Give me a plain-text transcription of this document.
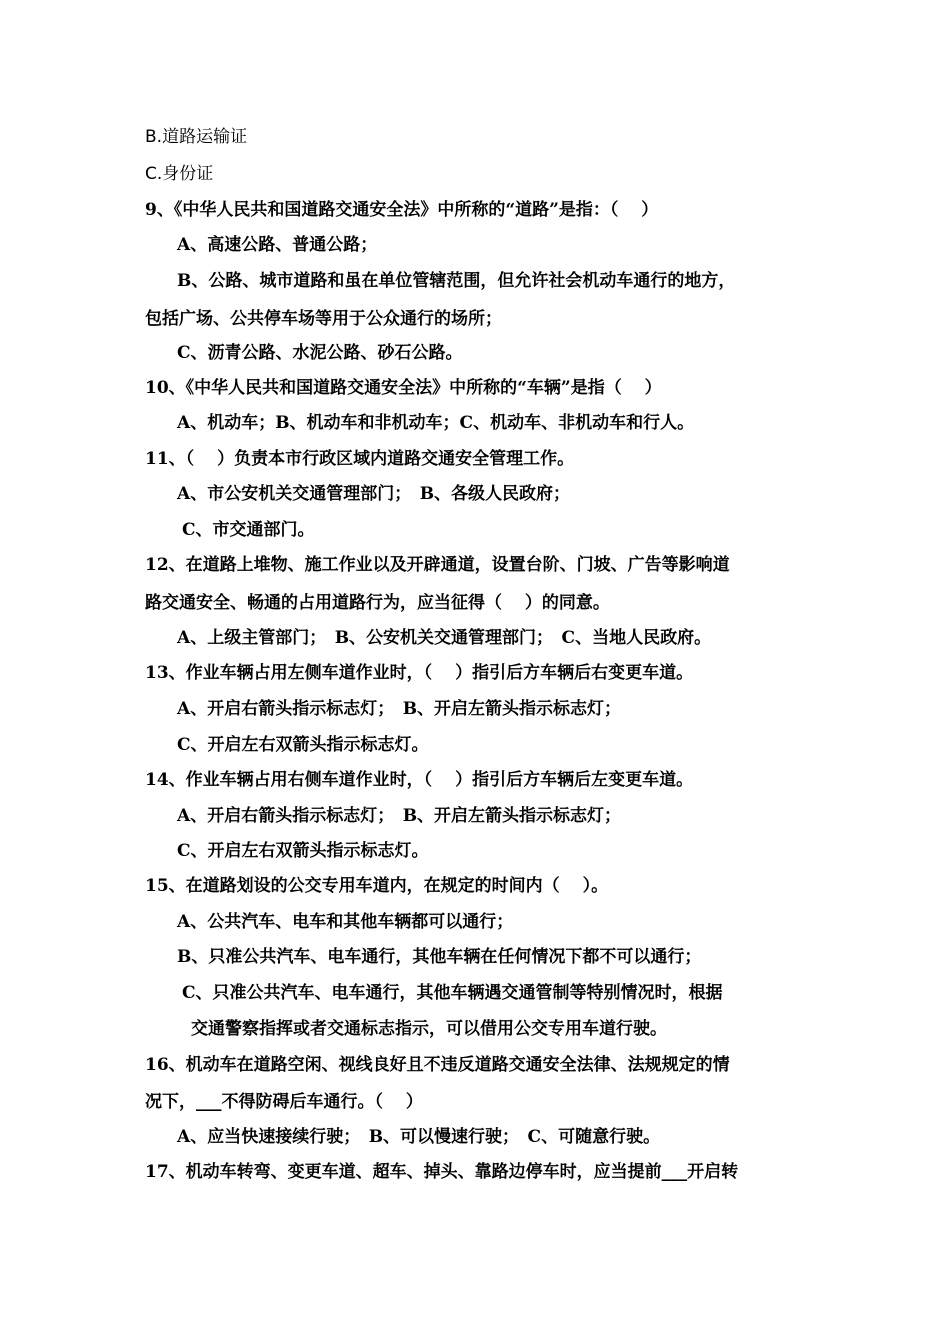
B.道路运输证
C.身份证
9、《中华人民共和国道路交通安全法》中所称的“道路”是指：（　 ）
A、高速公路、普通公路；
B、公路、城市道路和虽在单位管辖范围，但允许社会机动车通行的地方，
包括广场、公共停车场等用于公众通行的场所；
C、沥青公路、水泥公路、砂石公路。
10、《中华人民共和国道路交通安全法》中所称的“车辆”是指（　 ）
A、机动车；B、机动车和非机动车；C、机动车、非机动车和行人。
11、（　 ）负责本市行政区域内道路交通安全管理工作。
A、市公安机关交通管理部门；　B、各级人民政府；
C、市交通部门。
12、在道路上堆物、施工作业以及开辟通道，设置台阶、门坡、广告等影响道
路交通安全、畅通的占用道路行为，应当征得（　 ）的同意。
A、上级主管部门；　B、公安机关交通管理部门；　C、当地人民政府。
13、作业车辆占用左侧车道作业时，（　 ）指引后方车辆后右变更车道。
A、开启右箭头指示标志灯；　B、开启左箭头指示标志灯；
C、开启左右双箭头指示标志灯。
14、作业车辆占用右侧车道作业时，（　 ）指引后方车辆后左变更车道。
A、开启右箭头指示标志灯；　B、开启左箭头指示标志灯；
C、开启左右双箭头指示标志灯。
15、在道路划设的公交专用车道内，在规定的时间内（　 ）。
A、公共汽车、电车和其他车辆都可以通行；
B、只准公共汽车、电车通行，其他车辆在任何情况下都不可以通行；
C、只准公共汽车、电车通行，其他车辆遇交通管制等特别情况时，根据
交通警察指挥或者交通标志指示，可以借用公交专用车道行驶。
16、机动车在道路空闲、视线良好且不违反道路交通安全法律、法规规定的情
况下，___不得防碍后车通行。（　 ）
A、应当快速接续行驶；　B、可以慢速行驶；　C、可随意行驶。
17、机动车转弯、变更车道、超车、掉头、靠路边停车时，应当提前___开启转
